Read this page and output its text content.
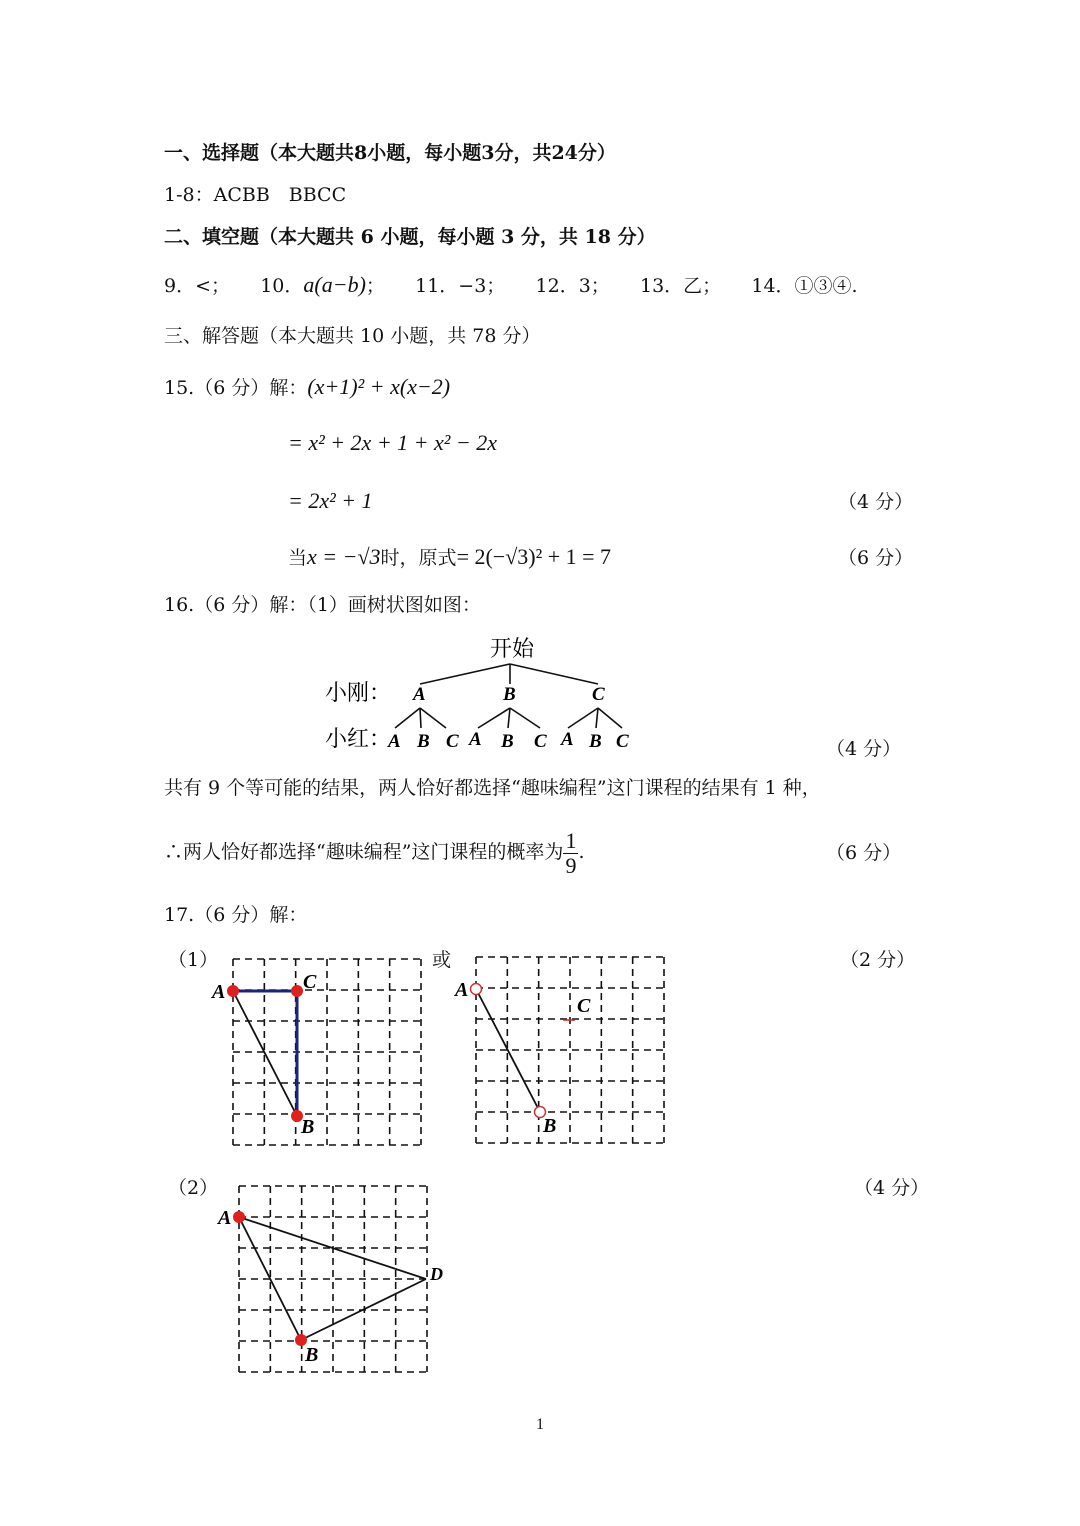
一、选择题（本大题共8小题，每小题3分，共24分）
1-8：ACBB　BBCC
二、填空题（本大题共 6 小题，每小题 3 分，共 18 分）
9．<； 10．a(a−b)； 11．−3； 12．3； 13．乙； 14．①③④.
三、解答题（本大题共 10 小题，共 78 分）
15.（6 分）解：(x+1)² + x(x−2)
= x² + 2x + 1 + x² − 2x
= 2x² + 1	（4 分）
当x = −√3时，原式= 2(−√3)² + 1 = 7	（6 分）
16.（6 分）解：（1）画树状图如图：
开始
小刚： A	B	C
小红：
A B C A B C A B C	（4 分）
共有 9 个等可能的结果，两人恰好都选择“趣味编程”这门课程的结果有 1 种，
∴两人恰好都选择“趣味编程”这门课程的概率为 $\frac{1}{9}$ .	（6 分）
17.（6 分）解：
（1）	或	（2 分）
（2）	（4 分）
A	C
B
A
C
B
A
D
B
1
